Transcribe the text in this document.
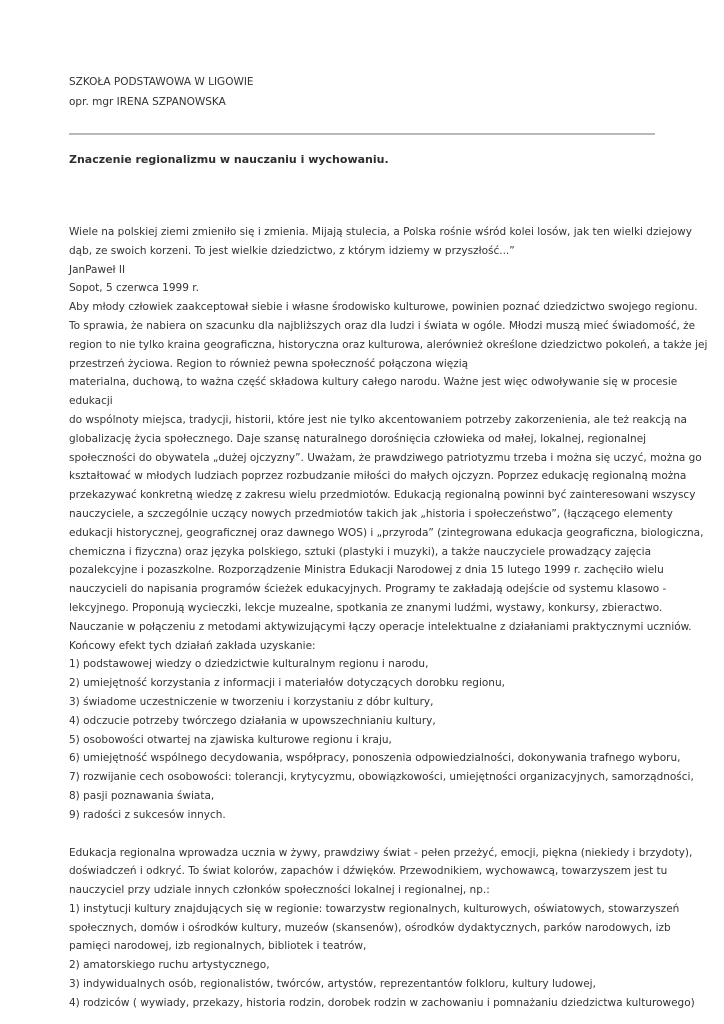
SZKOŁA PODSTAWOWA W LIGOWIE
opr. mgr IRENA SZPANOWSKA
Znaczenie regionalizmu w nauczaniu i wychowaniu.
Wiele na polskiej ziemi zmieniło się i zmienia. Mijają stulecia, a Polska rośnie wśród kolei losów, jak ten wielki dziejowy
dąb, ze swoich korzeni. To jest wielkie dziedzictwo, z którym idziemy w przyszłość...”
JanPaweł II
Sopot, 5 czerwca 1999 r.
Aby młody człowiek zaakceptował siebie i własne środowisko kulturowe, powinien poznać dziedzictwo swojego regionu.
To sprawia, że nabiera on szacunku dla najbliższych oraz dla ludzi i świata w ogóle. Młodzi muszą mieć świadomość, że
region to nie tylko kraina geograficzna, historyczna oraz kulturowa, alerównież określone dziedzictwo pokoleń, a także jej
przestrzeń życiowa. Region to również pewna społeczność połączona więzią
materialna, duchową, to ważna część składowa kultury całego narodu. Ważne jest więc odwoływanie się w procesie
edukacji
do wspólnoty miejsca, tradycji, historii, które jest nie tylko akcentowaniem potrzeby zakorzenienia, ale też reakcją na
globalizację życia społecznego. Daje szansę naturalnego dorośnięcia człowieka od małej, lokalnej, regionalnej
społeczności do obywatela „dużej ojczyzny”. Uważam, że prawdziwego patriotyzmu trzeba i można się uczyć, można go
kształtować w młodych ludziach poprzez rozbudzanie miłości do małych ojczyzn. Poprzez edukację regionalną można
przekazywać konkretną wiedzę z zakresu wielu przedmiotów. Edukacją regionalną powinni być zainteresowani wszyscy
nauczyciele, a szczególnie uczący nowych przedmiotów takich jak „historia i społeczeństwo”, (łączącego elementy
edukacji historycznej, geograficznej oraz dawnego WOS) i „przyroda” (zintegrowana edukacja geograficzna, biologiczna,
chemiczna i fizyczna) oraz języka polskiego, sztuki (plastyki i muzyki), a także nauczyciele prowadzący zajęcia
pozalekcyjne i pozaszkolne. Rozporządzenie Ministra Edukacji Narodowej z dnia 15 lutego 1999 r. zachęciło wielu
nauczycieli do napisania programów ścieżek edukacyjnych. Programy te zakładają odejście od systemu klasowo -
lekcyjnego. Proponują wycieczki, lekcje muzealne, spotkania ze znanymi ludźmi, wystawy, konkursy, zbieractwo.
Nauczanie w połączeniu z metodami aktywizującymi łączy operacje intelektualne z działaniami praktycznymi uczniów.
Końcowy efekt tych działań zakłada uzyskanie:
1) podstawowej wiedzy o dziedzictwie kulturalnym regionu i narodu,
2) umiejętność korzystania z informacji i materiałów dotyczących dorobku regionu,
3) świadome uczestniczenie w tworzeniu i korzystaniu z dóbr kultury,
4) odczucie potrzeby twórczego działania w upowszechnianiu kultury,
5) osobowości otwartej na zjawiska kulturowe regionu i kraju,
6) umiejętność wspólnego decydowania, współpracy, ponoszenia odpowiedzialności, dokonywania trafnego wyboru,
7) rozwijanie cech osobowości: tolerancji, krytycyzmu, obowiązkowości, umiejętności organizacyjnych, samorządności,
8) pasji poznawania świata,
9) radości z sukcesów innych.
Edukacja regionalna wprowadza ucznia w żywy, prawdziwy świat - pełen przeżyć, emocji, piękna (niekiedy i brzydoty),
doświadczeń i odkryć. To świat kolorów, zapachów i dźwięków. Przewodnikiem, wychowawcą, towarzyszem jest tu
nauczyciel przy udziale innych członków społeczności lokalnej i regionalnej, np.:
1) instytucji kultury znajdujących się w regionie: towarzystw regionalnych, kulturowych, oświatowych, stowarzyszeń
społecznych, domów i ośrodków kultury, muzeów (skansenów), ośrodków dydaktycznych, parków narodowych, izb
pamięci narodowej, izb regionalnych, bibliotek i teatrów,
2) amatorskiego ruchu artystycznego,
3) indywidualnych osób, regionalistów, twórców, artystów, reprezentantów folkloru, kultury ludowej,
4) rodziców ( wywiady, przekazy, historia rodzin, dorobek rodzin w zachowaniu i pomnażaniu dziedzictwa kulturowego)
